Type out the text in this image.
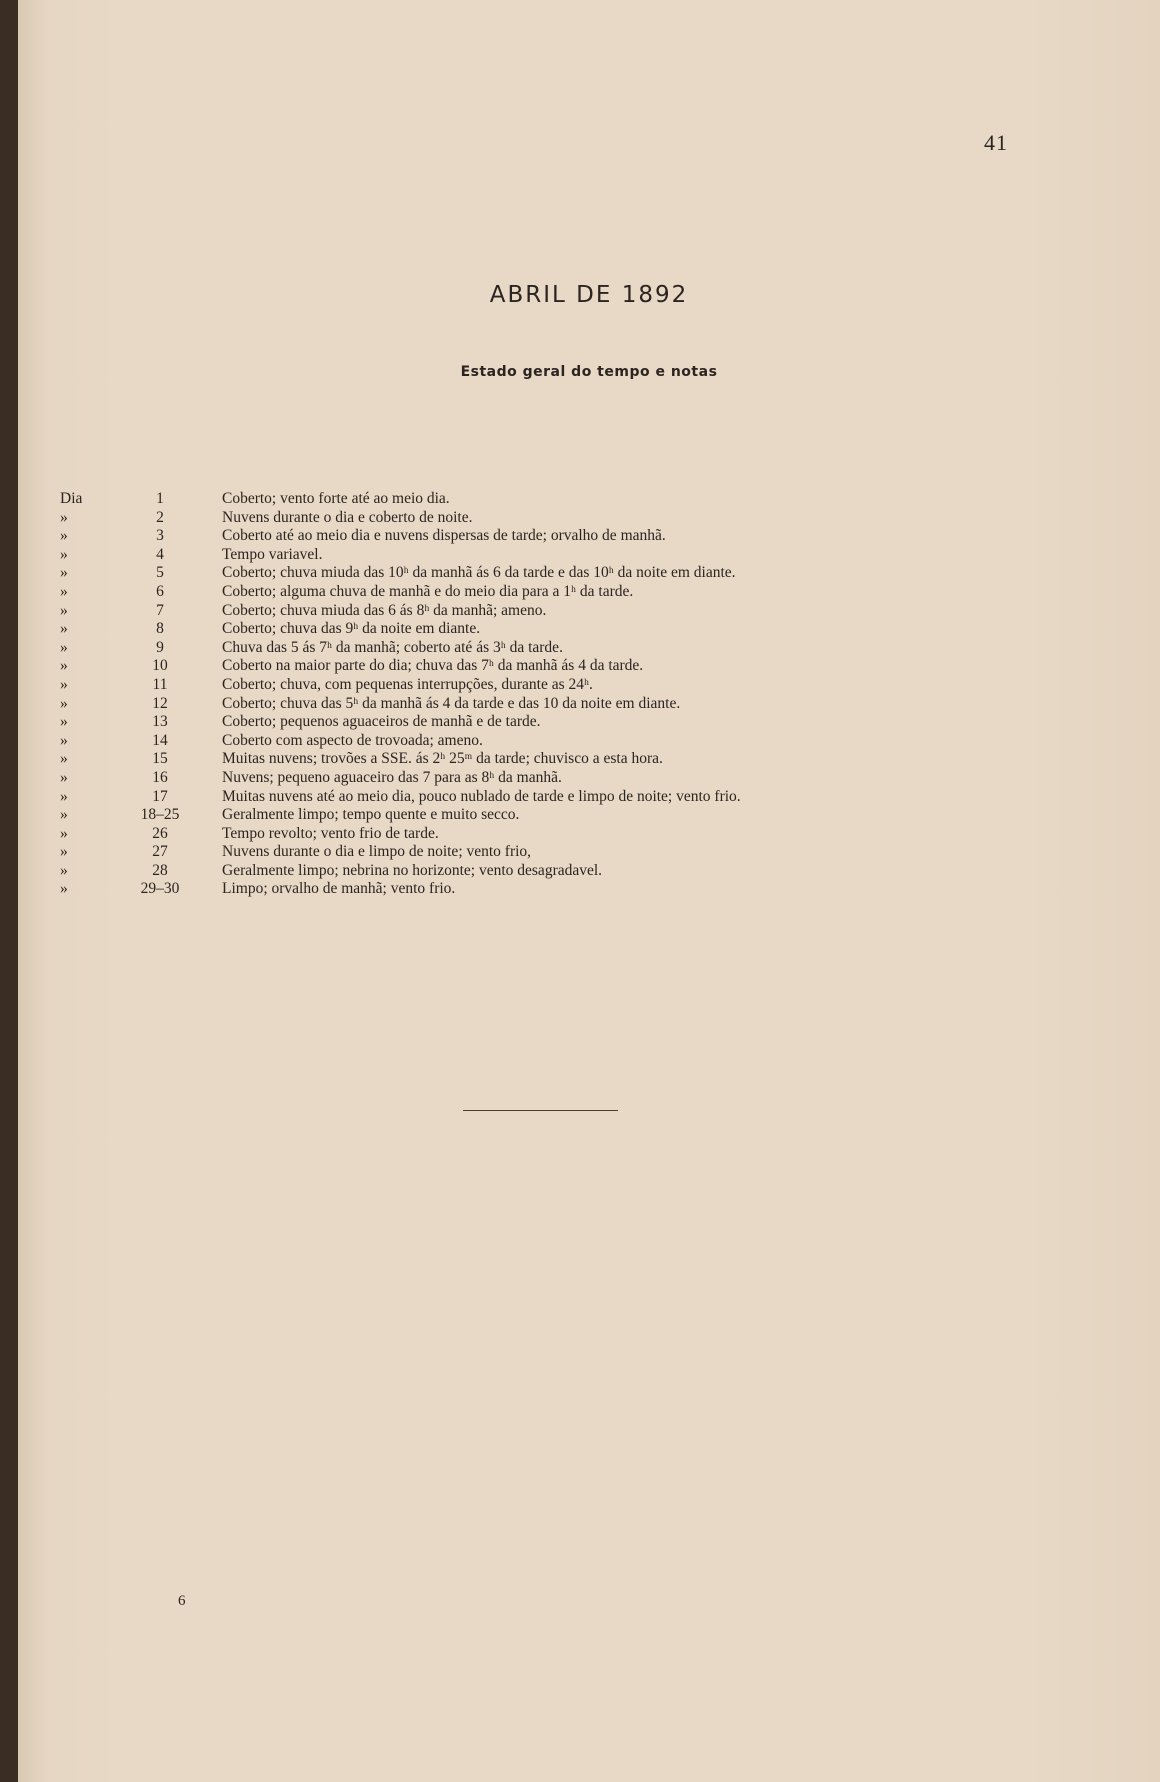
41
ABRIL DE 1892
Estado geral do tempo e notas
Dia	1	Coberto; vento forte até ao meio dia.
»	2	Nuvens durante o dia e coberto de noite.
»	3	Coberto até ao meio dia e nuvens dispersas de tarde; orvalho de manhã.
»	4	Tempo variavel.
»	5	Coberto; chuva miuda das 10ʰ da manhã ás 6 da tarde e das 10ʰ da noite em diante.
»	6	Coberto; alguma chuva de manhã e do meio dia para a 1ʰ da tarde.
»	7	Coberto; chuva miuda das 6 ás 8ʰ da manhã; ameno.
»	8	Coberto; chuva das 9ʰ da noite em diante.
»	9	Chuva das 5 ás 7ʰ da manhã; coberto até ás 3ʰ da tarde.
»	10	Coberto na maior parte do dia; chuva das 7ʰ da manhã ás 4 da tarde.
»	11	Coberto; chuva, com pequenas interrupções, durante as 24ʰ.
»	12	Coberto; chuva das 5ʰ da manhã ás 4 da tarde e das 10 da noite em diante.
»	13	Coberto; pequenos aguaceiros de manhã e de tarde.
»	14	Coberto com aspecto de trovoada; ameno.
»	15	Muitas nuvens; trovões a SSE. ás 2ʰ 25ᵐ da tarde; chuvisco a esta hora.
»	16	Nuvens; pequeno aguaceiro das 7 para as 8ʰ da manhã.
»	17	Muitas nuvens até ao meio dia, pouco nublado de tarde e limpo de noite; vento frio.
»	18–25	Geralmente limpo; tempo quente e muito secco.
»	26	Tempo revolto; vento frio de tarde.
»	27	Nuvens durante o dia e limpo de noite; vento frio,
»	28	Geralmente limpo; nebrina no horizonte; vento desagradavel.
»	29–30	Limpo; orvalho de manhã; vento frio.
6
